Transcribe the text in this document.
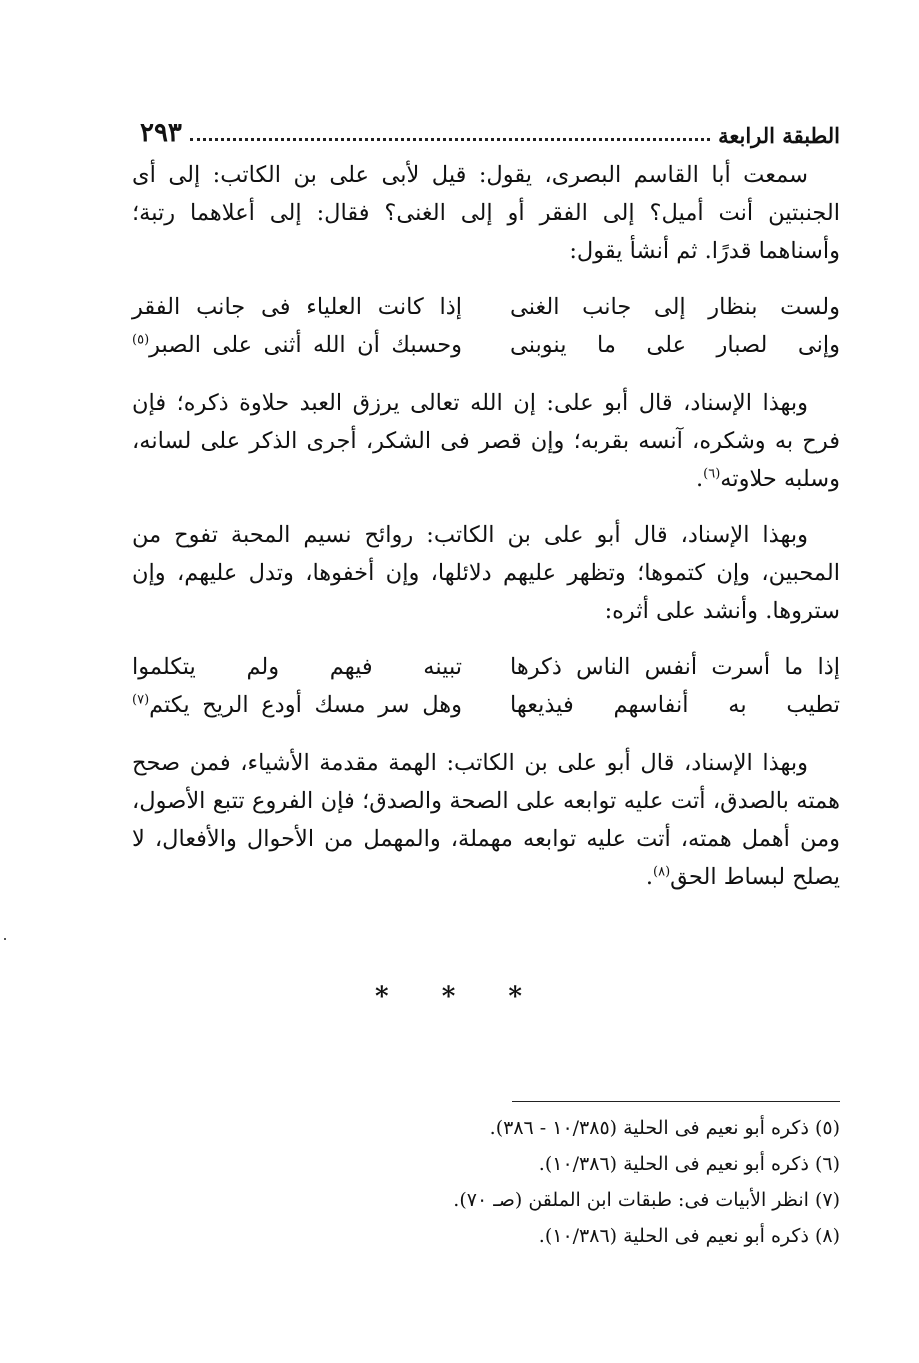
الطبقة الرابعة
٢٩٣

سمعت أبا القاسم البصرى، يقول: قيل لأبى على بن الكاتب: إلى أى الجنبتين أنت أميل؟ إلى الفقر أو إلى الغنى؟ فقال: إلى أعلاهما رتبة؛ وأسناهما قدرًا. ثم أنشأ يقول:

ولست بنظار إلى جانب الغنى
إذا كانت العلياء فى جانب الفقر
وإنى لصبار على ما ينوبنى
وحسبك أن الله أثنى على الصبر$^{(٥)}$

وبهذا الإسناد، قال أبو على: إن الله تعالى يرزق العبد حلاوة ذكره؛ فإن فرح به وشكره، آنسه بقربه؛ وإن قصر فى الشكر، أجرى الذكر على لسانه، وسلبه حلاوته$^{(٦)}$.

وبهذا الإسناد، قال أبو على بن الكاتب: روائح نسيم المحبة تفوح من المحبين، وإن كتموها؛ وتظهر عليهم دلائلها، وإن أخفوها، وتدل عليهم، وإن ستروها. وأنشد على أثره:

إذا ما أسرت أنفس الناس ذكرها
تبينه فيهم ولم يتكلموا
تطيب به أنفاسهم فيذيعها
وهل سر مسك أودع الريح يكتم$^{(٧)}$

وبهذا الإسناد، قال أبو على بن الكاتب: الهمة مقدمة الأشياء، فمن صحح همته بالصدق، أتت عليه توابعه على الصحة والصدق؛ فإن الفروع تتبع الأصول، ومن أهمل همته، أتت عليه توابعه مهملة، والمهمل من الأحوال والأفعال، لا يصلح لبساط الحق$^{(٨)}$.

* * *

(٥) ذكره أبو نعيم فى الحلية (١٠/٣٨٥ - ٣٨٦).

(٦) ذكره أبو نعيم فى الحلية (١٠/٣٨٦).

(٧) انظر الأبيات فى: طبقات ابن الملقن (صـ ٧٠).

(٨) ذكره أبو نعيم فى الحلية (١٠/٣٨٦).
